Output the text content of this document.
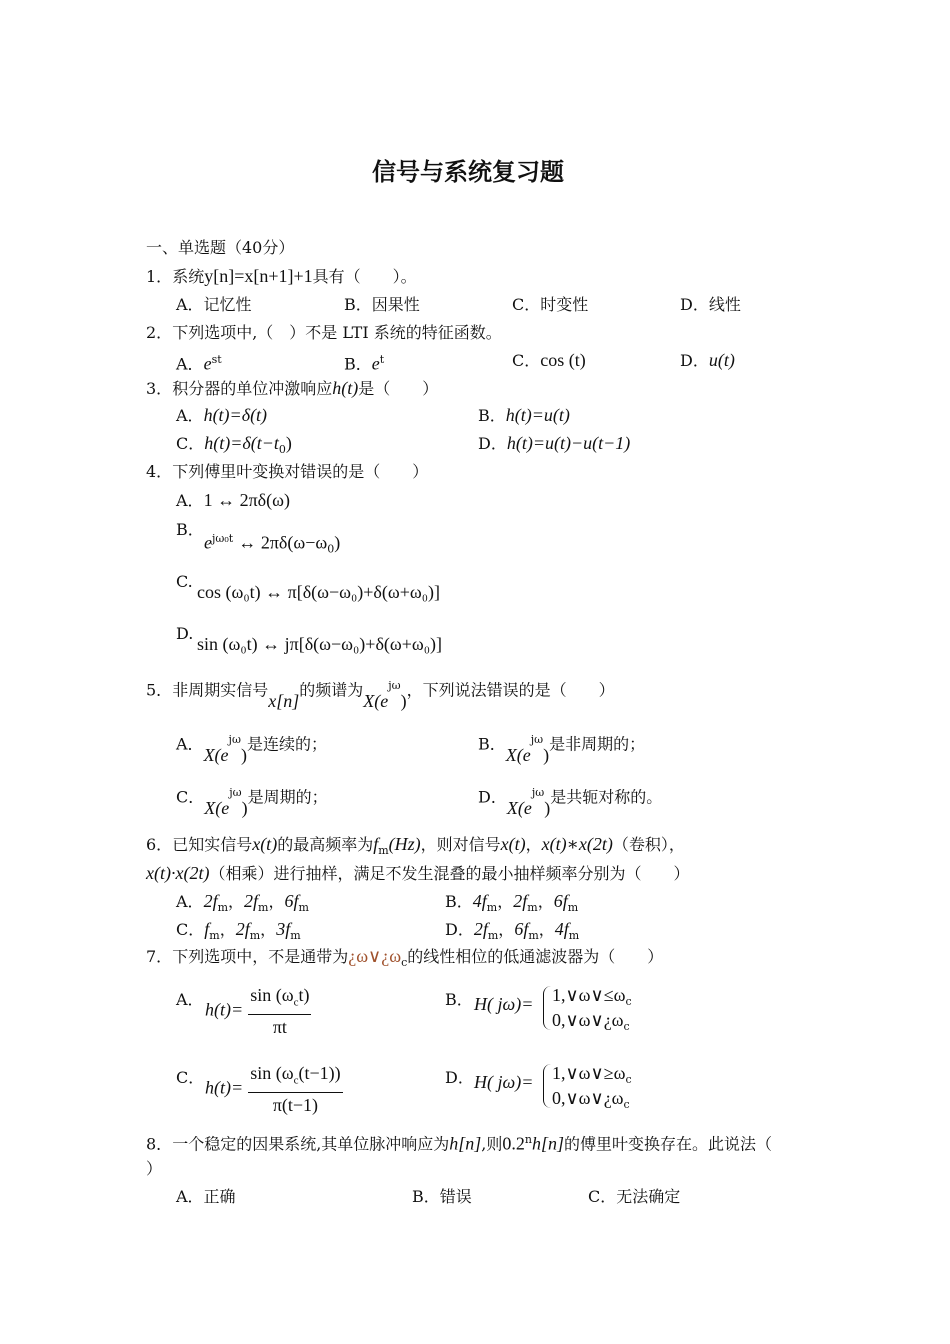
信号与系统复习题
一、单选题（40分）
1．系统y[n]=x[n+1]+1具有（　　）。
A．记忆性	B．因果性	C．时变性	D．线性
2．下列选项中,（　）不是 LTI 系统的特征函数。
A．$e^{st}$	B．$e^t$	C．cos (t)	D．u(t)
3．积分器的单位冲激响应h(t)是（　　）
A．h(t)=δ(t)	B．h(t)=u(t)
C．$h(t)=\delta(t-t_0)$	D．h(t)=u(t)−u(t−1)
4．下列傅里叶变换对错误的是（　　）
A．1 ↔ 2πδ(ω)
B．
$e^{j\omega_0t}$ ↔ $2\pi\delta(\omega-\omega_0)$
C.
cos (ω₀t) ↔ π[δ(ω−ω₀)+δ(ω+ω₀)]
D.
sin (ω₀t) ↔ jπ[δ(ω−ω₀)+δ(ω+ω₀)]
5．非周期实信号x[n]的频谱为$X(e^{j\omega})$，下列说法错误的是（　　）
A．$X(e^{j\omega})$是连续的；	B．$X(e^{j\omega})$是非周期的；
C．$X(e^{j\omega})$是周期的；	D．$X(e^{j\omega})$是共轭对称的。
6．已知实信号x(t)的最高频率为$f_m(Hz)$，则对信号x(t)，x(t)∗x(2t)（卷积），
x(t)·x(2t)（相乘）进行抽样，满足不发生混叠的最小抽样频率分别为（　　）
A．$2f_m$，$2f_m$，$6f_m$	B．$4f_m$，$2f_m$，$6f_m$
C．$f_m$，$2f_m$，$3f_m$	D．$2f_m$，$6f_m$，$4f_m$
7．下列选项中，不是通带为¿$\omega\vee¿\omega_c$的线性相位的低通滤波器为（　　）
A． $h(t)= \frac{\sin (\omega_ct)}{\pi t}$	B． H( $j\omega)= 1,\vee\omega\vee\le\omega_c$
$0,\vee\omega\vee¿\omega_c$
C． $h(t)= \frac{\sin (\omega_c(t-1))}{\pi(t-1)}$	D． H( $j\omega)= 1,\vee\omega\vee\ge\omega_c$
$0,\vee\omega\vee¿\omega_c$
8．一个稳定的因果系统,其单位脉冲响应为h[n],则0.2$^n$h[n]的傅里叶变换存在。此说法（
）
A．正确	B．错误	C．无法确定
